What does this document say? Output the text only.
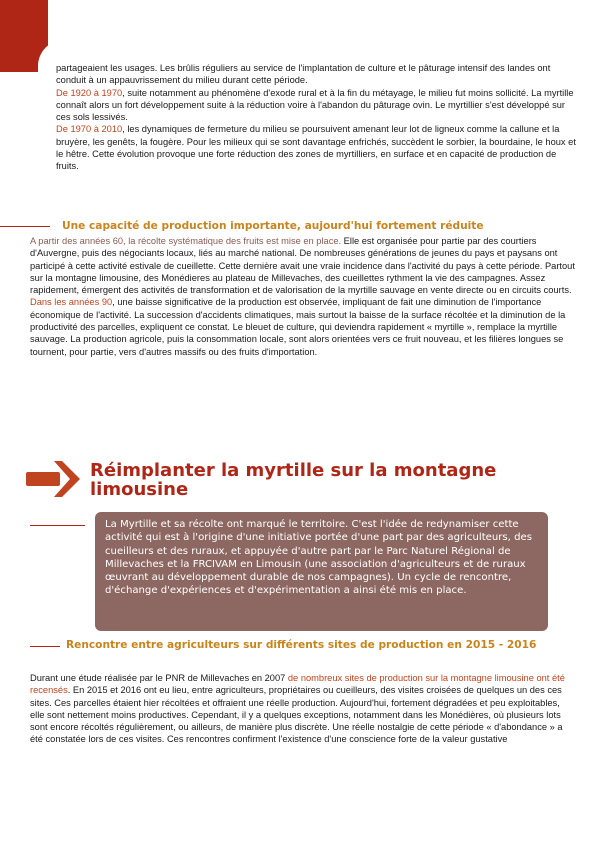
partageaient les usages. Les brûlis réguliers au service de l'implantation de culture et le pâturage intensif des landes ont conduit à un appauvrissement du milieu durant cette période.

De 1920 à 1970, suite notamment au phénomène d'exode rural et à la fin du métayage, le milieu fut moins sollicité. La myrtille connaît alors un fort développement suite à la réduction voire à l'abandon du pâturage ovin. Le myrtillier s'est développé sur ces sols lessivés.

De 1970 à 2010, les dynamiques de fermeture du milieu se poursuivent amenant leur lot de ligneux comme la callune et la bruyère, les genêts, la fougère. Pour les milieux qui se sont davantage enfrichés, succèdent le sorbier, la bourdaine, le houx et le hêtre. Cette évolution provoque une forte réduction des zones de myrtilliers, en surface et en capacité de production de fruits.

Une capacité de production importante, aujourd'hui fortement réduite

A partir des années 60, la récolte systématique des fruits est mise en place. Elle est organisée pour partie par des courtiers d'Auvergne, puis des négociants locaux, liés au marché national. De nombreuses générations de jeunes du pays et paysans ont participé à cette activité estivale de cueillette. Cette dernière avait une vraie incidence dans l'activité du pays à cette période. Partout sur la montagne limousine, des Monédieres au plateau de Millevaches, des cueillettes rythment la vie des campagnes. Assez rapidement, émergent des activités de transformation et de valorisation de la myrtille sauvage en vente directe ou en circuits courts.

Dans les années 90, une baisse significative de la production est observée, impliquant de fait une diminution de l'importance économique de l'activité. La succession d'accidents climatiques, mais surtout la baisse de la surface récoltée et la diminution de la productivité des parcelles, expliquent ce constat. Le bleuet de culture, qui deviendra rapidement « myrtille », remplace la myrtille sauvage. La production agricole, puis la consommation locale, sont alors orientées vers ce fruit nouveau, et les filières longues se tournent, pour partie, vers d'autres massifs ou des fruits d'importation.

Réimplanter la myrtille sur la montagne limousine
La Myrtille et sa récolte ont marqué le territoire. C'est l'idée de redynamiser cette activité qui est à l'origine d'une initiative portée d'une part par des agriculteurs, des cueilleurs et des ruraux, et appuyée d'autre part par le Parc Naturel Régional de Millevaches et la FRCIVAM en Limousin (une association d'agriculteurs et de ruraux œuvrant au développement durable de nos campagnes). Un cycle de rencontre, d'échange d'expériences et d'expérimentation a ainsi été mis en place.
Rencontre entre agriculteurs sur différents sites de production en 2015 - 2016

Durant une étude réalisée par le PNR de Millevaches en 2007 de nombreux sites de production sur la montagne limousine ont été recensés. En 2015 et 2016 ont eu lieu, entre agriculteurs, propriétaires ou cueilleurs, des visites croisées de quelques un des ces sites. Ces parcelles étaient hier récoltées et offraient une réelle production. Aujourd'hui, fortement dégradées et peu exploitables, elle sont nettement moins productives. Cependant, il y a quelques exceptions, notamment dans les Monédières, où plusieurs lots sont encore récoltés régulièrement, ou ailleurs, de manière plus discrète. Une réelle nostalgie de cette période « d'abondance » a été constatée lors de ces visites. Ces rencontres confirment l'existence d'une conscience forte de la valeur gustative
